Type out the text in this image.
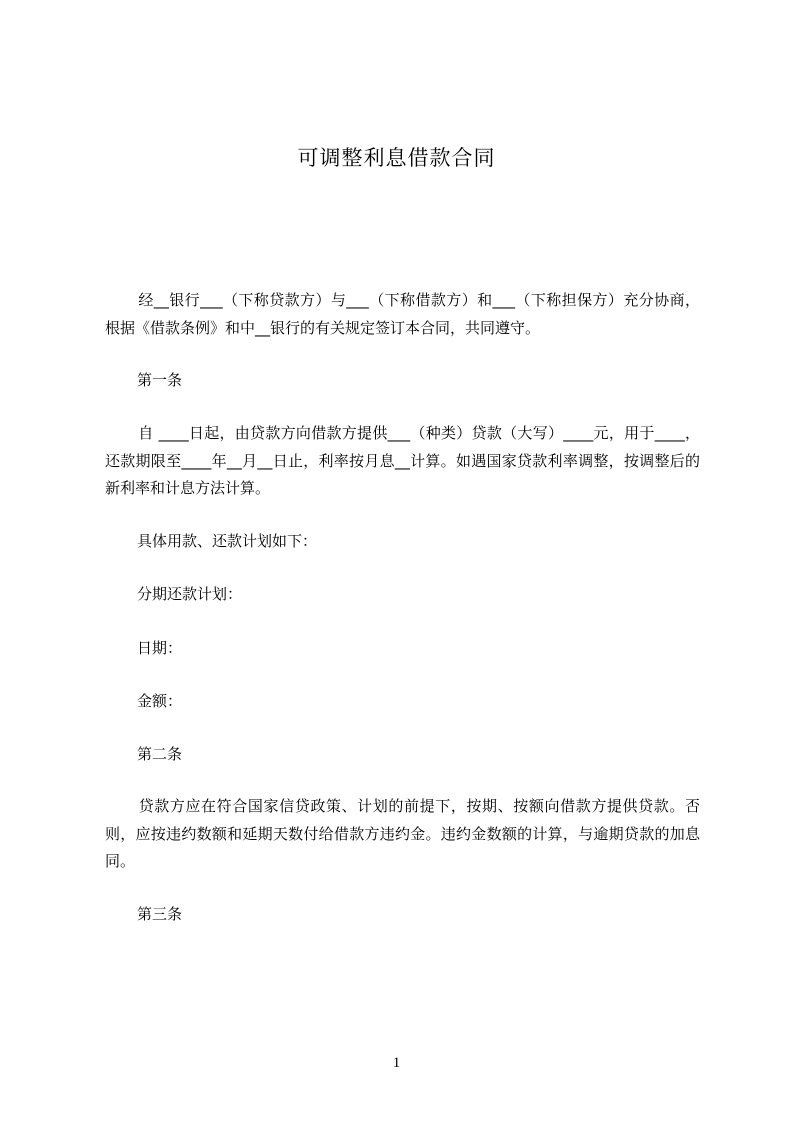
可调整利息借款合同

经__银行___（下称贷款方）与___（下称借款方）和___（下称担保方）充分协商，根据《借款条例》和中__银行的有关规定签订本合同，共同遵守。

第一条

自 ____日起，由贷款方向借款方提供___（种类）贷款（大写）____元，用于____， 还款期限至____年__月__日止，利率按月息__计算。如遇国家贷款利率调整，按调整后的新利率和计息方法计算。

具体用款、还款计划如下：

分期还款计划：

日期：

金额：

第二条

贷款方应在符合国家信贷政策、计划的前提下，按期、按额向借款方提供贷款。否则，应按违约数额和延期天数付给借款方违约金。违约金数额的计算，与逾期贷款的加息同。

第三条

1
